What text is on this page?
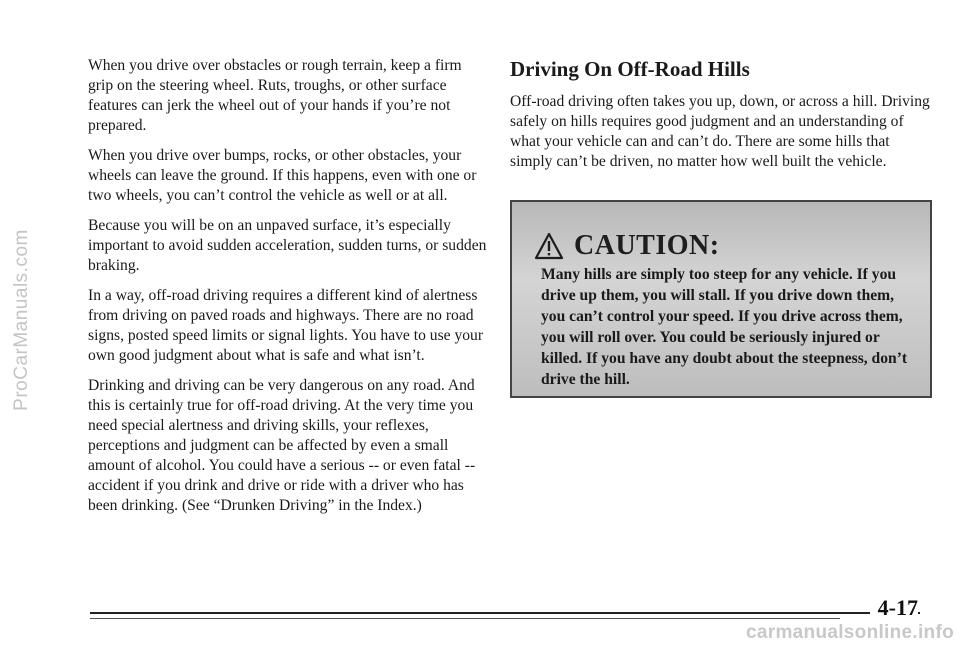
ProCarManuals.com

When you drive over obstacles or rough terrain, keep a firm grip on the steering wheel. Ruts, troughs, or other surface features can jerk the wheel out of your hands if you’re not prepared.

When you drive over bumps, rocks, or other obstacles, your wheels can leave the ground. If this happens, even with one or two wheels, you can’t control the vehicle as well or at all.

Because you will be on an unpaved surface, it’s especially important to avoid sudden acceleration, sudden turns, or sudden braking.

In a way, off-road driving requires a different kind of alertness from driving on paved roads and highways. There are no road signs, posted speed limits or signal lights. You have to use your own good judgment about what is safe and what isn’t.

Drinking and driving can be very dangerous on any road. And this is certainly true for off-road driving. At the very time you need special alertness and driving skills, your reflexes, perceptions and judgment can be affected by even a small amount of alcohol. You could have a serious -- or even fatal -- accident if you drink and drive or ride with a driver who has been drinking. (See “Drunken Driving” in the Index.)

Driving On Off-Road Hills

Off-road driving often takes you up, down, or across a hill. Driving safely on hills requires good judgment and an understanding of what your vehicle can and can’t do. There are some hills that simply can’t be driven, no matter how well built the vehicle.

CAUTION:
Many hills are simply too steep for any vehicle. If you drive up them, you will stall. If you drive down them, you can’t control your speed. If you drive across them, you will roll over. You could be seriously injured or killed. If you have any doubt about the steepness, don’t drive the hill.
4-17
carmanualsonline.info
